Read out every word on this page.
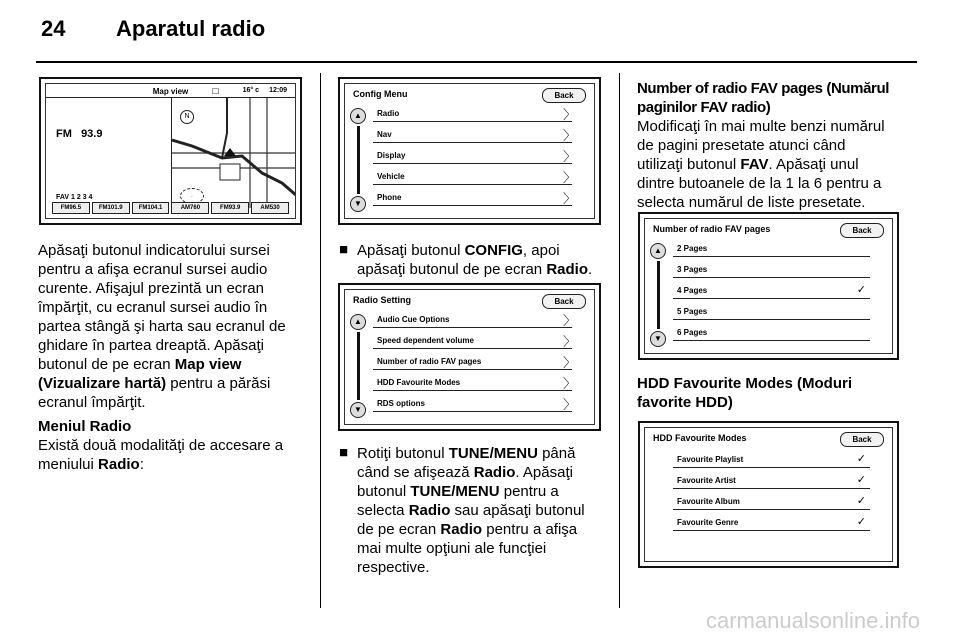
24 Aparatul radio
Map view	16° c 12:09
☐
FM 93.9
FAV 1 2 3 4
N
.
FM96.5	FM101.9	FM104.1	AM760	FM93.9	AM530
Apăsaţi butonul indicatorului sursei
pentru a afişa ecranul sursei audio
curente. Afişajul prezintă un ecran
împărţit, cu ecranul sursei audio în
partea stângă şi harta sau ecranul de
ghidare în partea dreaptă. Apăsaţi
butonul de pe ecran Map view
(Vizualizare hartă) pentru a părăsi
ecranul împărţit.
Meniul Radio
Există două modalităţi de accesare a
meniului Radio:
Config Menu	Back
▲
▼
Radio	〉
Nav	〉
Display	〉
Vehicle	〉
Phone	〉
■ Apăsaţi butonul CONFIG, apoi
apăsaţi butonul de pe ecran Radio.
Radio Setting	Back
▲
▼
Audio Cue Options	〉
Speed dependent volume	〉
Number of radio FAV pages	〉
HDD Favourite Modes	〉
RDS options	〉
■ Rotiţi butonul TUNE/MENU până
când se afişează Radio. Apăsaţi
butonul TUNE/MENU pentru a
selecta Radio sau apăsaţi butonul
de pe ecran Radio pentru a afişa
mai multe opţiuni ale funcţiei
respective.
Number of radio FAV pages (Numărul
paginilor FAV radio)
Modificaţi în mai multe benzi numărul
de pagini presetate atunci când
utilizaţi butonul FAV. Apăsaţi unul
dintre butoanele de la 1 la 6 pentru a
selecta numărul de liste presetate.
Number of radio FAV pages	Back
▲
▼
2 Pages
3 Pages
4 Pages	✓
5 Pages
6 Pages
HDD Favourite Modes (Moduri
favorite HDD)
HDD Favourite Modes	Back
Favourite Playlist	✓
Favourite Artist	✓
Favourite Album	✓
Favourite Genre	✓
carmanualsonline.info
